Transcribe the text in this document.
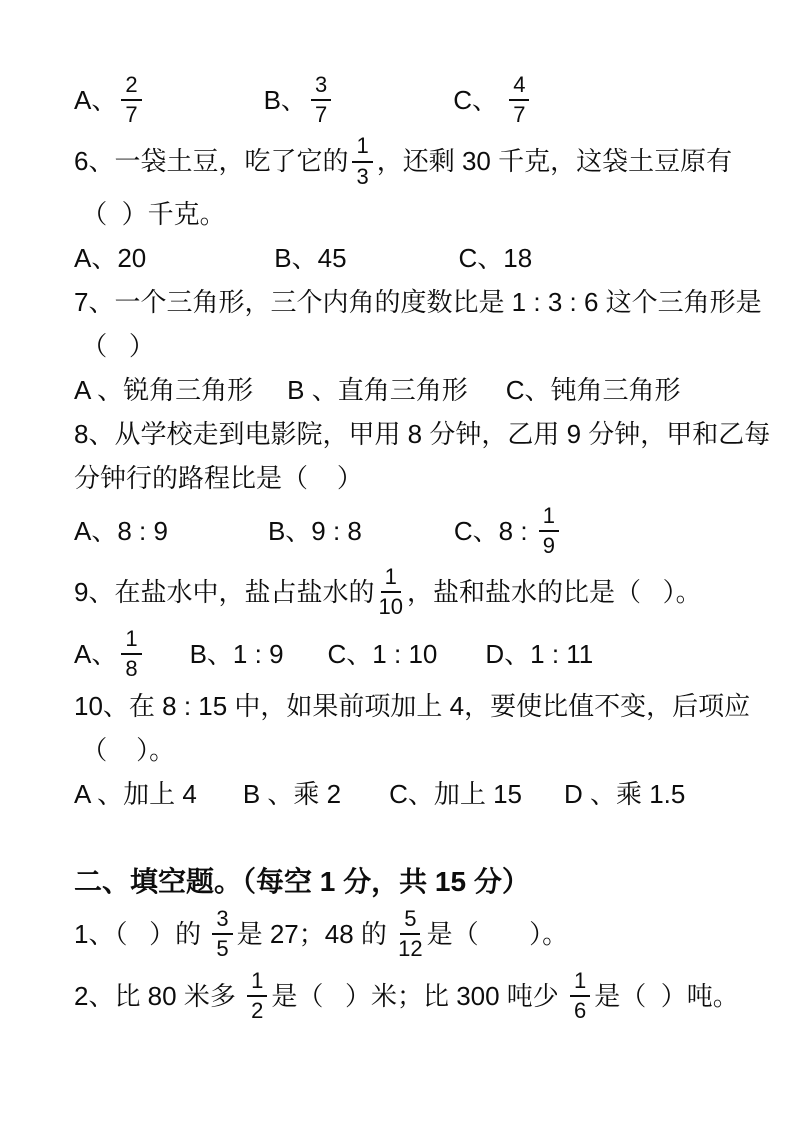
A、 $\frac{2}{7}$	B、 $\frac{3}{7}$	C、 $\frac{4}{7}$
6、一袋土豆，吃了它的 $\frac{1}{3}$ ，还剩 30 千克，这袋土豆原有
（  ）千克。
A、20	B、45	C、18
7、一个三角形，三个内角的度数比是 1 : 3 : 6 这个三角形是
（   ）
A 、锐角三角形 B 、直角三角形 C、钝角三角形
8、从学校走到电影院，甲用 8 分钟，乙用 9 分钟，甲和乙每
分钟行的路程比是（    ）
A、8 : 9	B、9 : 8	C、8 : $\frac{1}{9}$
9、在盐水中，盐占盐水的 $\frac{1}{10}$ ，盐和盐水的比是（   ）。
A、 $\frac{1}{8}$ B、1 : 9 C、1 : 10 D、1 : 11
10、在 8 : 15 中，如果前项加上 4，要使比值不变，后项应
（    ）。
A 、加上 4 B 、乘 2 C、加上 15 D 、乘 1.5
二、填空题。（每空 1 分，共 15 分）
1、（   ）的 $\frac{3}{5}$ 是 27；48 的 $\frac{5}{12}$ 是（       ）。
2、比 80 米多 $\frac{1}{2}$ 是（   ）米；比 300 吨少 $\frac{1}{6}$ 是（  ）吨。
